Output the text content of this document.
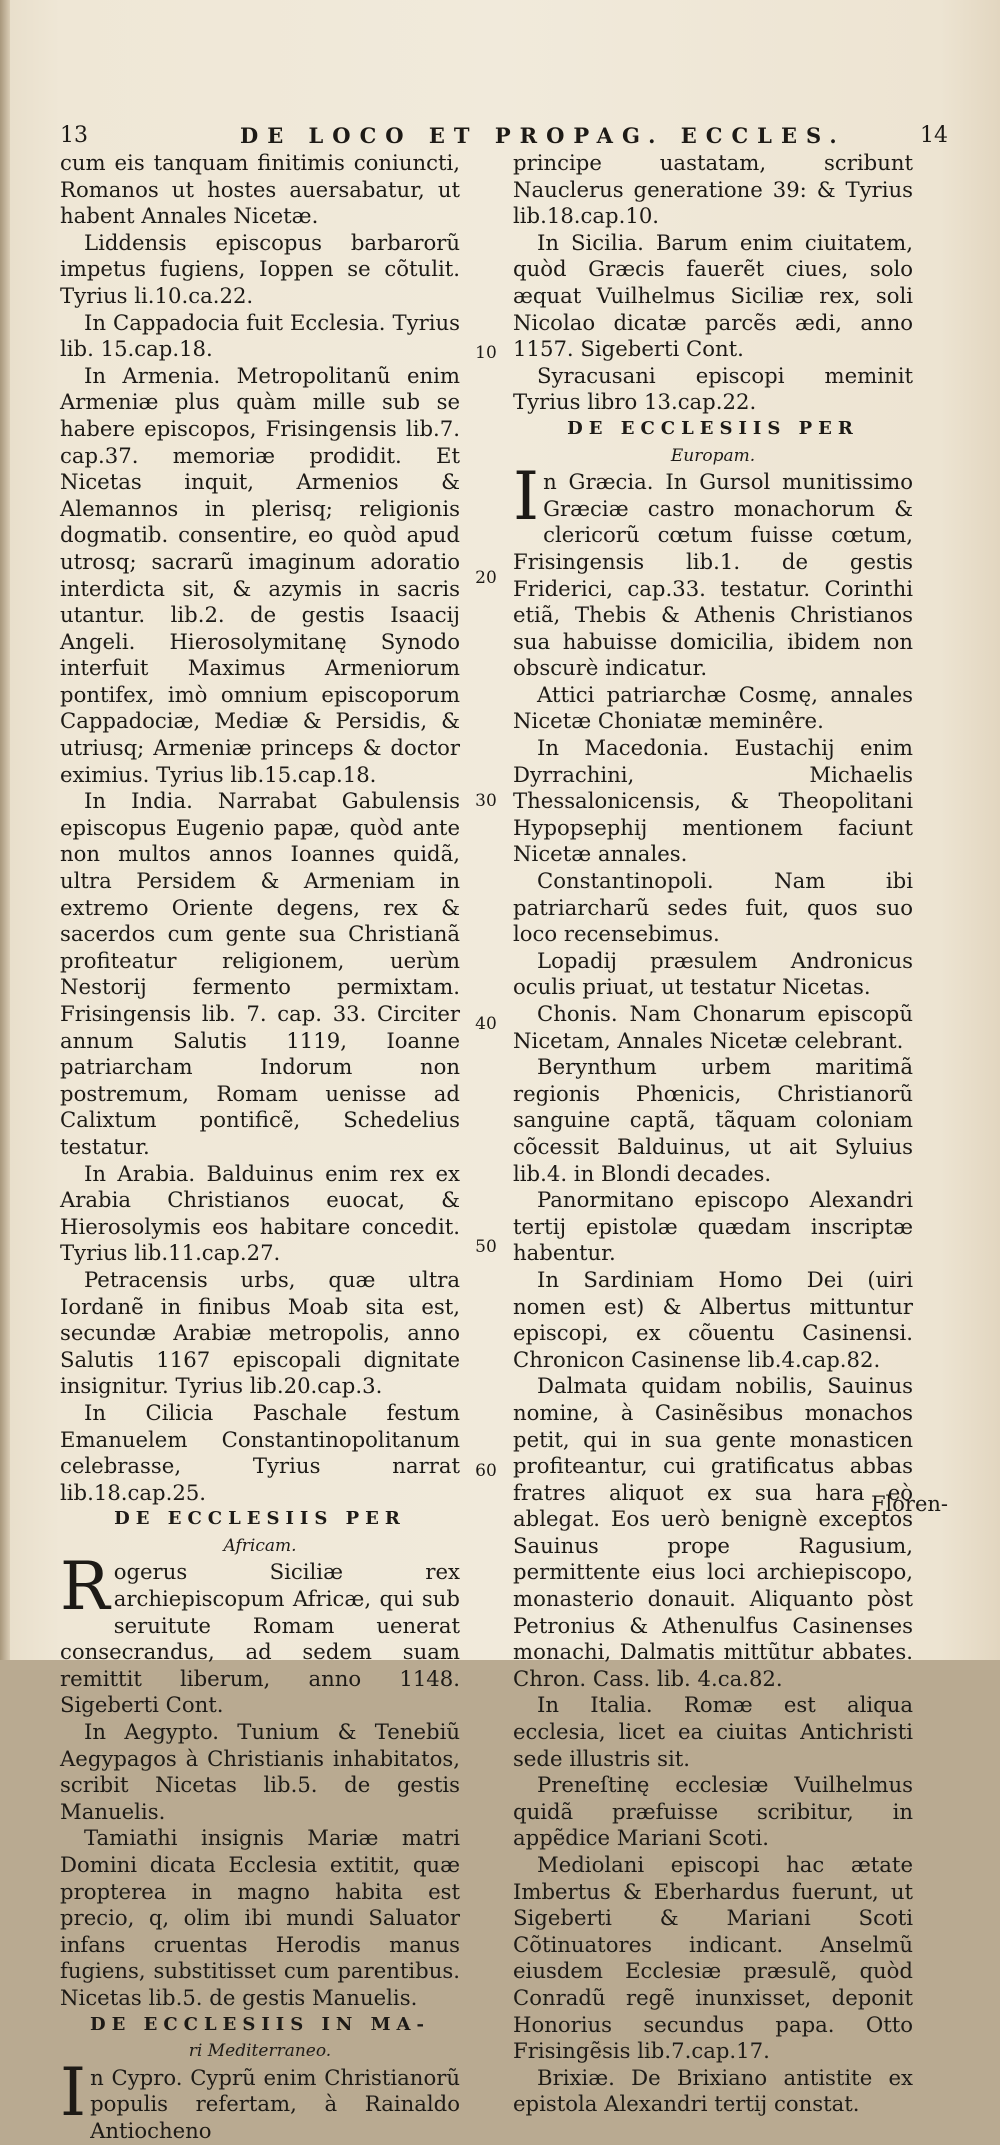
13	DE LOCO ET PROPAG. ECCLES.	14

cum eis tanquam finitimis coniuncti, Romanos ut hostes auersabatur, ut habent Annales Nicetæ.

Liddensis episcopus barbarorũ impetus fugiens, Ioppen se cõtulit. Tyrius li.10.ca.22.

In Cappadocia fuit Ecclesia. Tyrius lib. 15.cap.18.

In Armenia. Metropolitanũ enim Armeniæ plus quàm mille sub se habere episcopos, Frisingensis lib.7. cap.37. memoriæ prodidit. Et Nicetas inquit, Armenios & Alemannos in plerisq; religionis dogmatib. consentire, eo quòd apud utrosq; sacrarũ imaginum adoratio interdicta sit, & azymis in sacris utantur. lib.2. de gestis Isaacij Angeli. Hierosolymitanę Synodo interfuit Maximus Armeniorum pontifex, imò omnium episcoporum Cappadociæ, Mediæ & Persidis, & utriusq; Armeniæ princeps & doctor eximius. Tyrius lib.15.cap.18.

In India. Narrabat Gabulensis episcopus Eugenio papæ, quòd ante non multos annos Ioannes quidã, ultra Persidem & Armeniam in extremo Oriente degens, rex & sacerdos cum gente sua Christianã profiteatur religionem, uerùm Nestorij fermento permixtam. Frisingensis lib. 7. cap. 33. Circiter annum Salutis 1119, Ioanne patriarcham Indorum non postremum, Romam uenisse ad Calixtum pontificẽ, Schedelius testatur.

In Arabia. Balduinus enim rex ex Arabia Christianos euocat, & Hierosolymis eos habitare concedit. Tyrius lib.11.cap.27.

Petracensis urbs, quæ ultra Iordanẽ in finibus Moab sita est, secundæ Arabiæ metropolis, anno Salutis 1167 episcopali dignitate insignitur. Tyrius lib.20.cap.3.

In Cilicia Paschale festum Emanuelem Constantinopolitanum celebrasse, Tyrius narrat lib.18.cap.25.

DE ECCLESIIS PER

Africam.

Rogerus Siciliæ rex archiepiscopum Africæ, qui sub seruitute Romam uenerat consecrandus, ad sedem suam remittit liberum, anno 1148. Sigeberti Cont.

In Aegypto. Tunium & Tenebiũ Aegypagos à Christianis inhabitatos, scribit Nicetas lib.5. de gestis Manuelis.

Tamiathi insignis Mariæ matri Domini dicata Ecclesia extitit, quæ propterea in magno habita est precio, q, olim ibi mundi Saluator infans cruentas Herodis manus fugiens, substitisset cum parentibus. Nicetas lib.5. de gestis Manuelis.

DE ECCLESIIS IN MA-

ri Mediterraneo.

In Cypro. Cyprũ enim Christianorũ populis refertam, à Rainaldo Antiocheno

10
20
30
40
50
60

principe uastatam, scribunt Nauclerus generatione 39: & Tyrius lib.18.cap.10.

In Sicilia. Barum enim ciuitatem, quòd Græcis fauerẽt ciues, solo æquat Vuilhelmus Siciliæ rex, soli Nicolao dicatæ parcẽs ædi, anno 1157. Sigeberti Cont.

Syracusani episcopi meminit Tyrius libro 13.cap.22.

DE ECCLESIIS PER

Europam.

In Græcia. In Gursol munitissimo Græciæ castro monachorum & clericorũ cœtum fuisse cœtum, Frisingensis lib.1. de gestis Friderici, cap.33. testatur. Corinthi etiã, Thebis & Athenis Christianos sua habuisse domicilia, ibidem non obscurè indicatur.

Attici patriarchæ Cosmę, annales Nicetæ Choniatæ meminêre.

In Macedonia. Eustachij enim Dyrrachini, Michaelis Thessalonicensis, & Theopolitani Hypopsephij mentionem faciunt Nicetæ annales.

Constantinopoli. Nam ibi patriarcharũ sedes fuit, quos suo loco recensebimus.

Lopadij præsulem Andronicus oculis priuat, ut testatur Nicetas.

Chonis. Nam Chonarum episcopũ Nicetam, Annales Nicetæ celebrant.

Berynthum urbem maritimã regionis Phœnicis, Christianorũ sanguine captã, tãquam coloniam cõcessit Balduinus, ut ait Syluius lib.4. in Blondi decades.

Panormitano episcopo Alexandri tertij epistolæ quædam inscriptæ habentur.

In Sardiniam Homo Dei (uiri nomen est) & Albertus mittuntur episcopi, ex cõuentu Casinensi. Chronicon Casinense lib.4.cap.82.

Dalmata quidam nobilis, Sauinus nomine, à Casinẽsibus monachos petit, qui in sua gente monasticen profiteantur, cui gratificatus abbas fratres aliquot ex sua hara eò ablegat. Eos uerò benignè exceptos Sauinus prope Ragusium, permittente eius loci archiepiscopo, monasterio donauit. Aliquanto pòst Petronius & Athenulfus Casinenses monachi, Dalmatis mittũtur abbates. Chron. Cass. lib. 4.ca.82.

In Italia. Romæ est aliqua ecclesia, licet ea ciuitas Antichristi sede illustris sit.

Preneſtinę ecclesiæ Vuilhelmus quidã præfuisse scribitur, in appẽdice Mariani Scoti.

Mediolani episcopi hac ætate Imbertus & Eberhardus fuerunt, ut Sigeberti & Mariani Scoti Cõtinuatores indicant. Anselmũ eiusdem Ecclesiæ præsulẽ, quòd Conradũ regẽ inunxisset, deponit Honorius secundus papa. Otto Frisingẽsis lib.7.cap.17.

Brixiæ. De Brixiano antistite ex epistola Alexandri tertij constat.

Floren-
